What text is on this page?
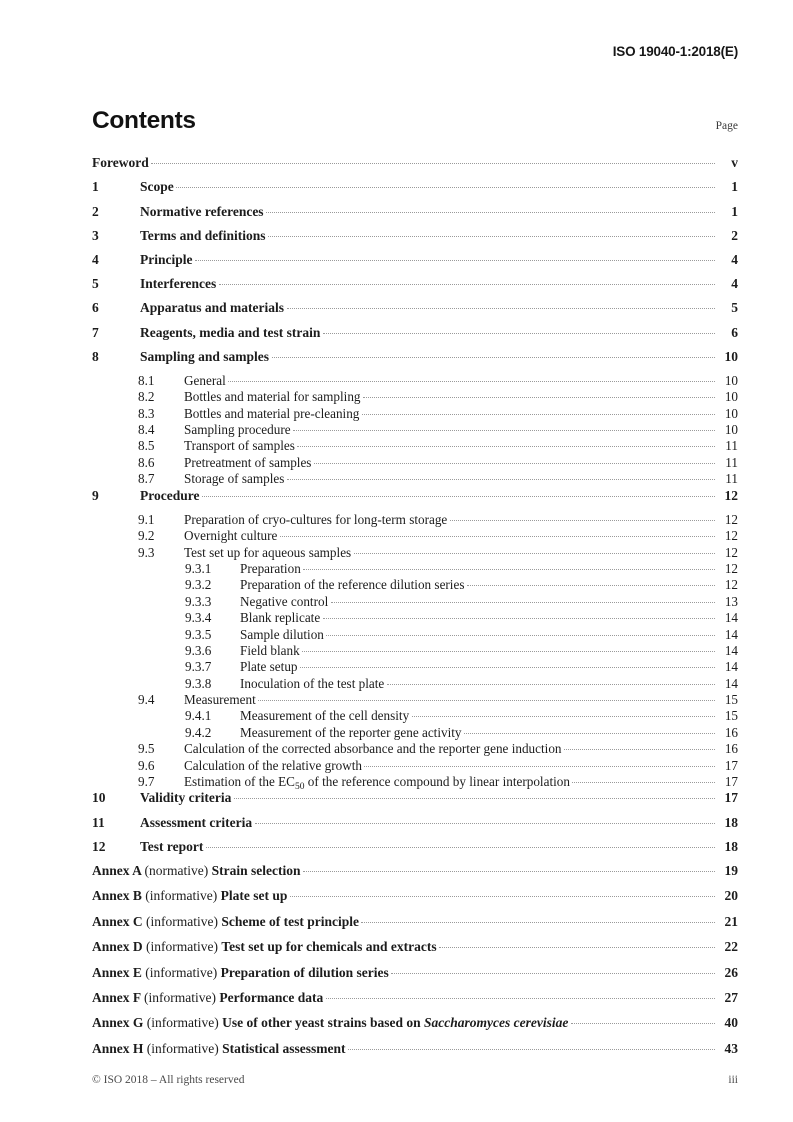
ISO 19040-1:2018(E)
Contents	Page
Foreword	v
1	Scope	1
2	Normative references	1
3	Terms and definitions	2
4	Principle	4
5	Interferences	4
6	Apparatus and materials	5
7	Reagents, media and test strain	6
8	Sampling and samples	10
8.1	General	10
8.2	Bottles and material for sampling	10
8.3	Bottles and material pre-cleaning	10
8.4	Sampling procedure	10
8.5	Transport of samples	11
8.6	Pretreatment of samples	11
8.7	Storage of samples	11
9	Procedure	12
9.1	Preparation of cryo-cultures for long-term storage	12
9.2	Overnight culture	12
9.3	Test set up for aqueous samples	12
9.3.1	Preparation	12
9.3.2	Preparation of the reference dilution series	12
9.3.3	Negative control	13
9.3.4	Blank replicate	14
9.3.5	Sample dilution	14
9.3.6	Field blank	14
9.3.7	Plate setup	14
9.3.8	Inoculation of the test plate	14
9.4	Measurement	15
9.4.1	Measurement of the cell density	15
9.4.2	Measurement of the reporter gene activity	16
9.5	Calculation of the corrected absorbance and the reporter gene induction	16
9.6	Calculation of the relative growth	17
9.7	Estimation of the $EC_{50}$ of the reference compound by linear interpolation	17
10	Validity criteria	17
11	Assessment criteria	18
12	Test report	18
Annex A (normative) Strain selection	19
Annex B (informative) Plate set up	20
Annex C (informative) Scheme of test principle	21
Annex D (informative) Test set up for chemicals and extracts	22
Annex E (informative) Preparation of dilution series	26
Annex F (informative) Performance data	27
Annex G (informative) Use of other yeast strains based on Saccharomyces cerevisiae	40
Annex H (informative) Statistical assessment	43
© ISO 2018 – All rights reserved	iii
